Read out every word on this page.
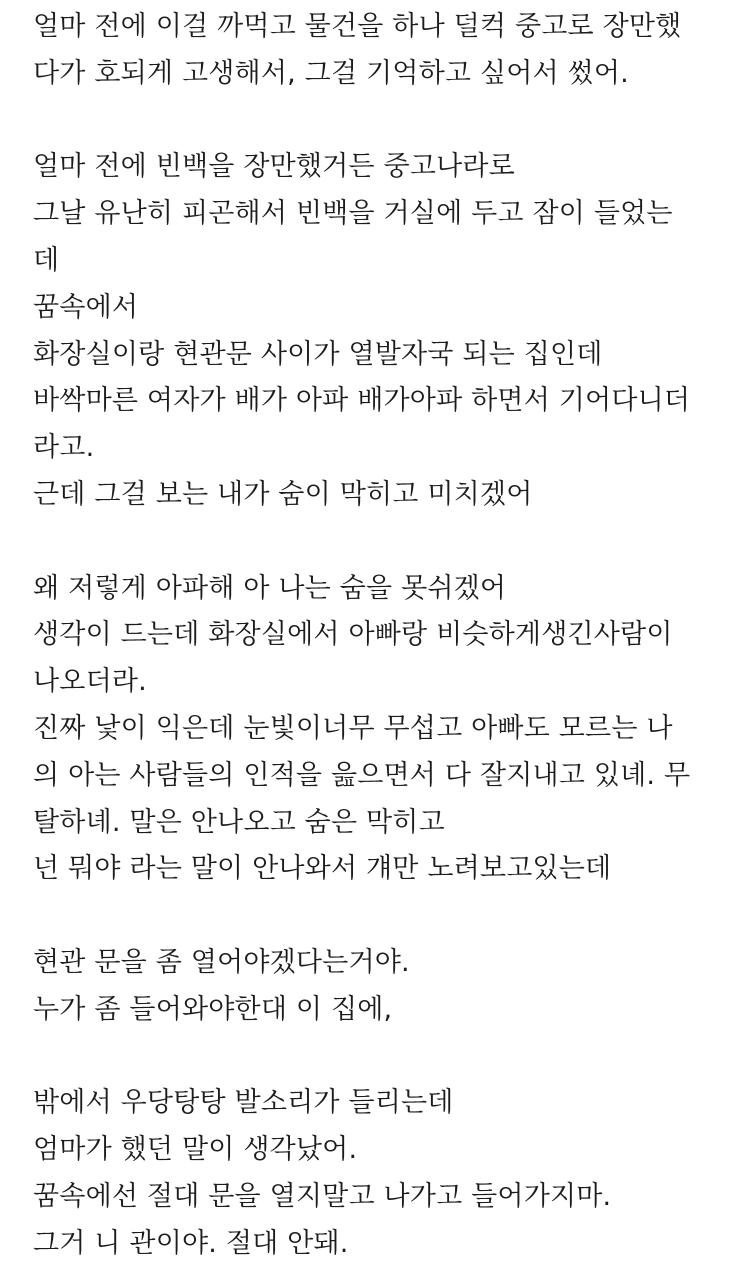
얼마 전에 이걸 까먹고 물건을 하나 덜컥 중고로 장만했
다가 호되게 고생해서, 그걸 기억하고 싶어서 썼어.
얼마 전에 빈백을 장만했거든 중고나라로
그날 유난히 피곤해서 빈백을 거실에 두고 잠이 들었는
데
꿈속에서
화장실이랑 현관문 사이가 열발자국 되는 집인데
바싹마른 여자가 배가 아파 배가아파 하면서 기어다니더
라고.
근데 그걸 보는 내가 숨이 막히고 미치겠어
왜 저렇게 아파해 아 나는 숨을 못쉬겠어
생각이 드는데 화장실에서 아빠랑 비슷하게생긴사람이
나오더라.
진짜 낯이 익은데 눈빛이너무 무섭고 아빠도 모르는 나
의 아는 사람들의 인적을 읊으면서 다 잘지내고 있녜. 무
탈하녜. 말은 안나오고 숨은 막히고
넌 뭐야 라는 말이 안나와서 걔만 노려보고있는데
현관 문을 좀 열어야겠다는거야.
누가 좀 들어와야한대 이 집에,
밖에서 우당탕탕 발소리가 들리는데
엄마가 했던 말이 생각났어.
꿈속에선 절대 문을 열지말고 나가고 들어가지마.
그거 니 관이야. 절대 안돼.
